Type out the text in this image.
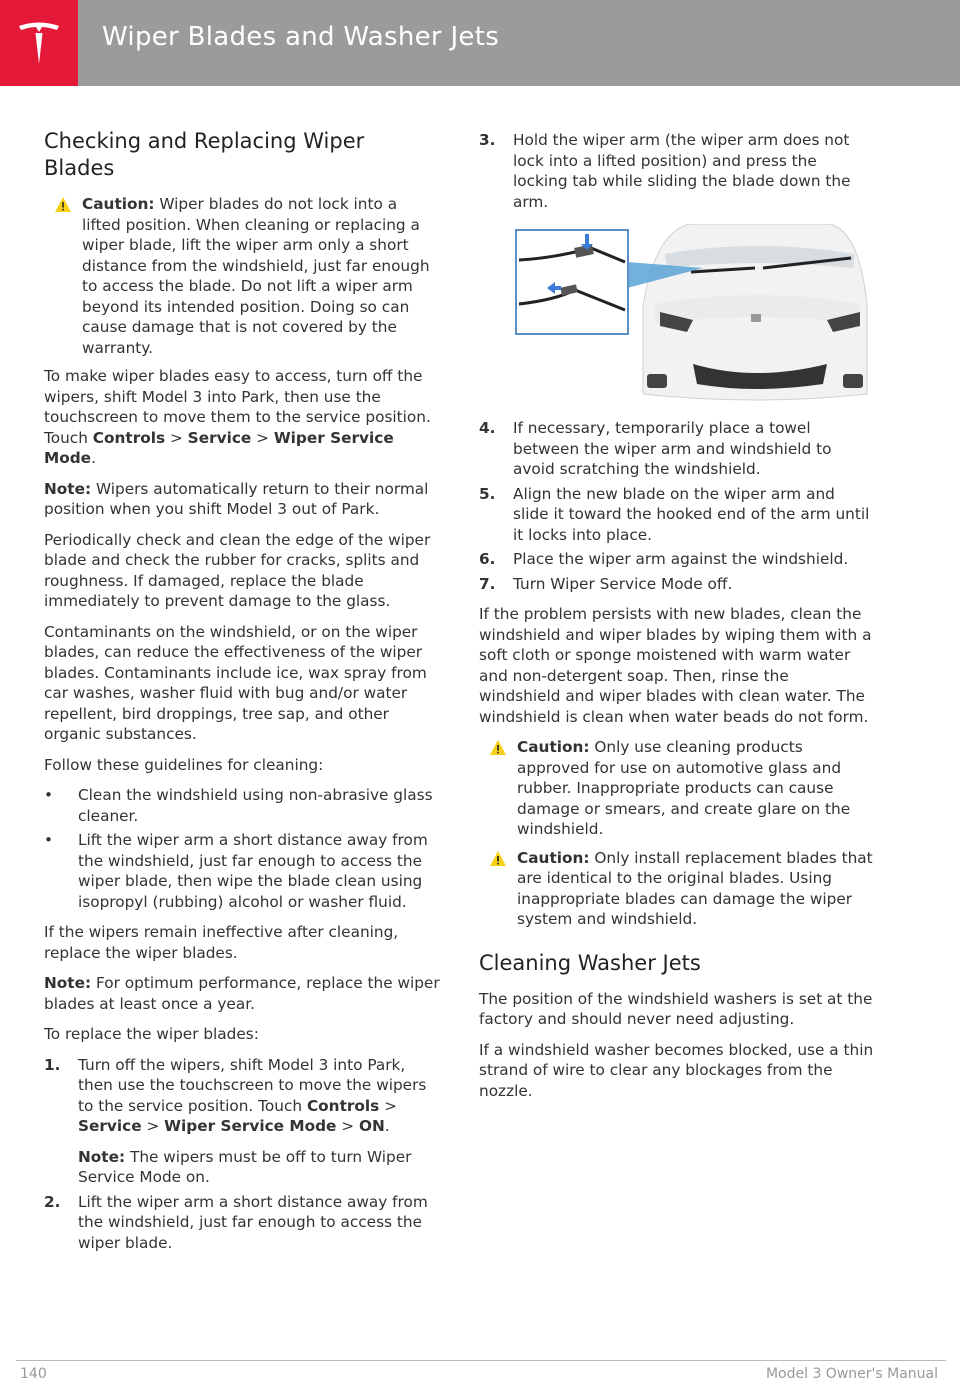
Wiper Blades and Washer Jets
Checking and Replacing Wiper Blades
Caution: Wiper blades do not lock into a lifted position. When cleaning or replacing a wiper blade, lift the wiper arm only a short distance from the windshield, just far enough to access the blade. Do not lift a wiper arm beyond its intended position. Doing so can cause damage that is not covered by the warranty.
To make wiper blades easy to access, turn off the wipers, shift Model 3 into Park, then use the touchscreen to move them to the service position. Touch Controls > Service > Wiper Service Mode.
Note: Wipers automatically return to their normal position when you shift Model 3 out of Park.
Periodically check and clean the edge of the wiper blade and check the rubber for cracks, splits and roughness. If damaged, replace the blade immediately to prevent damage to the glass.
Contaminants on the windshield, or on the wiper blades, can reduce the effectiveness of the wiper blades. Contaminants include ice, wax spray from car washes, washer fluid with bug and/or water repellent, bird droppings, tree sap, and other organic substances.
Follow these guidelines for cleaning:
• Clean the windshield using non-abrasive glass cleaner.
• Lift the wiper arm a short distance away from the windshield, just far enough to access the wiper blade, then wipe the blade clean using isopropyl (rubbing) alcohol or washer fluid.
If the wipers remain ineffective after cleaning, replace the wiper blades.
Note: For optimum performance, replace the wiper blades at least once a year.
To replace the wiper blades:
1. Turn off the wipers, shift Model 3 into Park, then use the touchscreen to move the wipers to the service position. Touch Controls > Service > Wiper Service Mode > ON.
Note: The wipers must be off to turn Wiper Service Mode on.
2. Lift the wiper arm a short distance away from the windshield, just far enough to access the wiper blade.
3. Hold the wiper arm (the wiper arm does not lock into a lifted position) and press the locking tab while sliding the blade down the arm.
4. If necessary, temporarily place a towel between the wiper arm and windshield to avoid scratching the windshield.
5. Align the new blade on the wiper arm and slide it toward the hooked end of the arm until it locks into place.
6. Place the wiper arm against the windshield.
7. Turn Wiper Service Mode off.
If the problem persists with new blades, clean the windshield and wiper blades by wiping them with a soft cloth or sponge moistened with warm water and non-detergent soap. Then, rinse the windshield and wiper blades with clean water. The windshield is clean when water beads do not form.
Caution: Only use cleaning products approved for use on automotive glass and rubber. Inappropriate products can cause damage or smears, and create glare on the windshield.
Caution: Only install replacement blades that are identical to the original blades. Using inappropriate blades can damage the wiper system and windshield.
Cleaning Washer Jets
The position of the windshield washers is set at the factory and should never need adjusting.
If a windshield washer becomes blocked, use a thin strand of wire to clear any blockages from the nozzle.
140	Model 3 Owner's Manual
